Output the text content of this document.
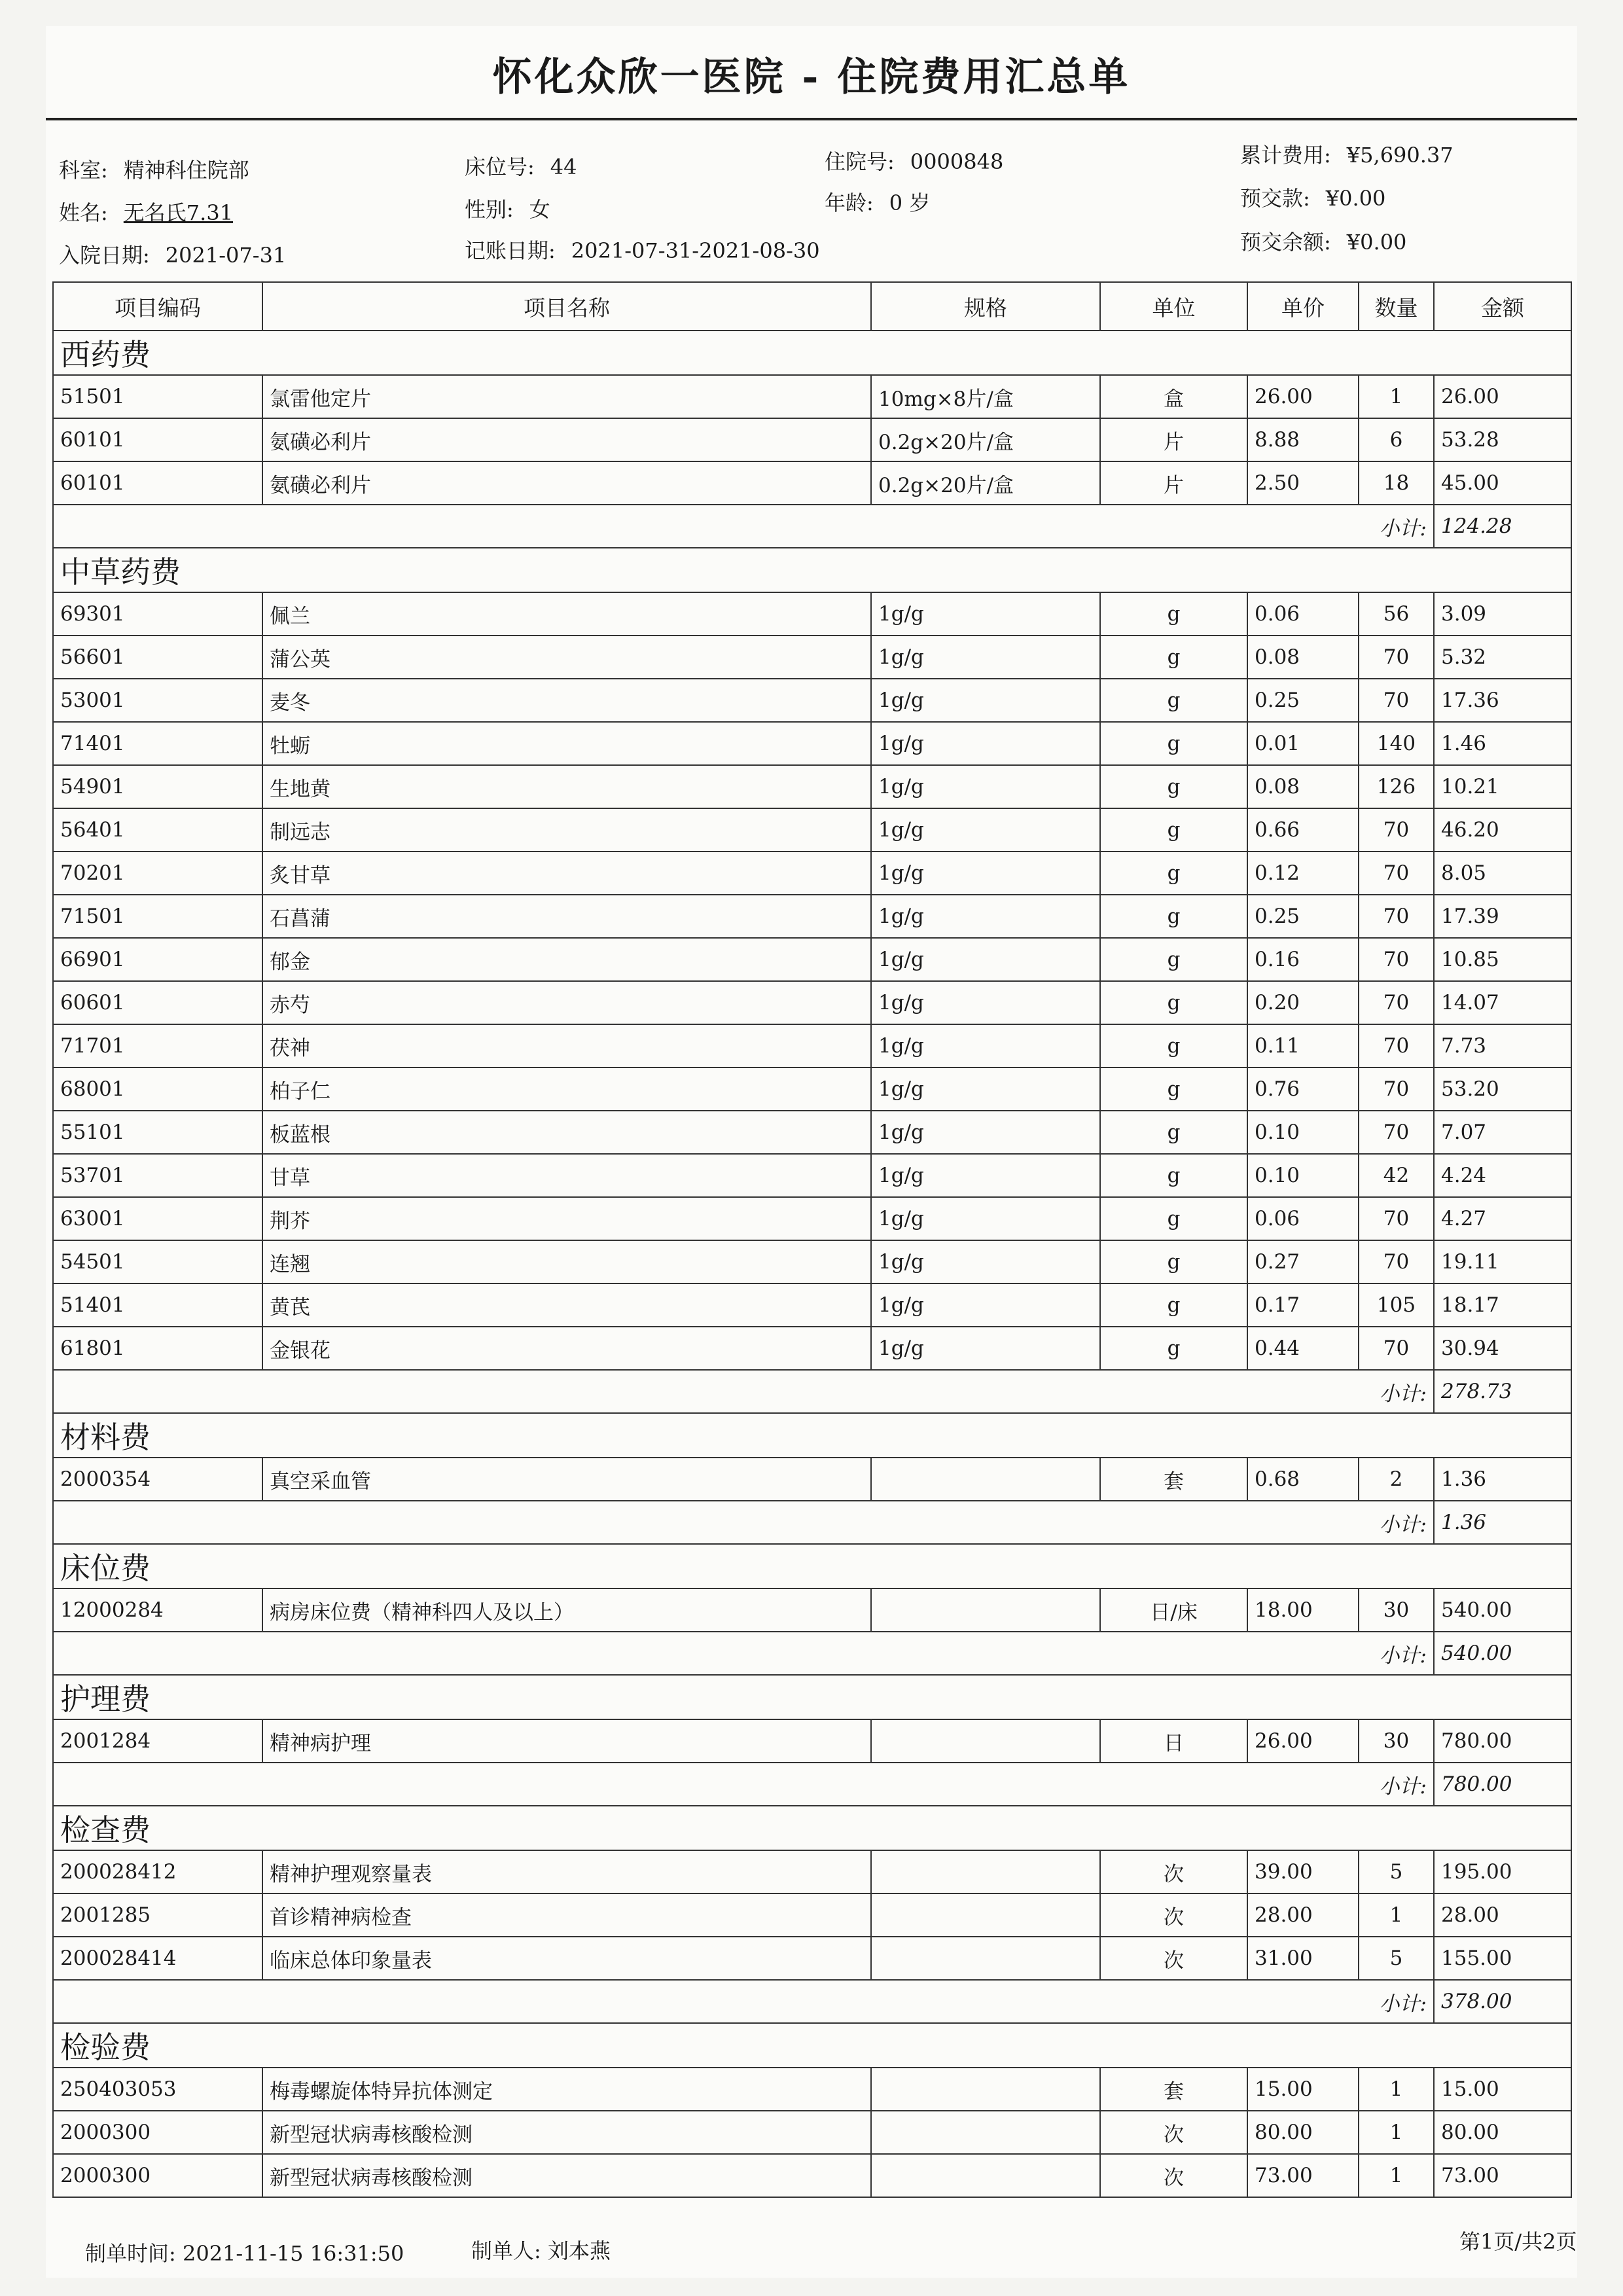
怀化众欣一医院 - 住院费用汇总单
科室: 精神科住院部	床位号: 44	住院号: 0000848	累计费用: ¥5,690.37
姓名: 无名氏7.31	性别: 女	年龄: 0 岁	预交款: ¥0.00
入院日期: 2021-07-31	记账日期: 2021-07-31-2021-08-30	预交余额: ¥0.00
项目编码	项目名称	规格	单位	单价	数量	金额
西药费						
51501	氯雷他定片	10mg×8片/盒	盒	26.00	1	26.00
60101	氨磺必利片	0.2g×20片/盒	片	8.88	6	53.28
60101	氨磺必利片	0.2g×20片/盒	片	2.50	18	45.00
					小计:	124.28
中草药费						
69301	佩兰	1g/g	g	0.06	56	3.09
56601	蒲公英	1g/g	g	0.08	70	5.32
53001	麦冬	1g/g	g	0.25	70	17.36
71401	牡蛎	1g/g	g	0.01	140	1.46
54901	生地黄	1g/g	g	0.08	126	10.21
56401	制远志	1g/g	g	0.66	70	46.20
70201	炙甘草	1g/g	g	0.12	70	8.05
71501	石菖蒲	1g/g	g	0.25	70	17.39
66901	郁金	1g/g	g	0.16	70	10.85
60601	赤芍	1g/g	g	0.20	70	14.07
71701	茯神	1g/g	g	0.11	70	7.73
68001	柏子仁	1g/g	g	0.76	70	53.20
55101	板蓝根	1g/g	g	0.10	70	7.07
53701	甘草	1g/g	g	0.10	42	4.24
63001	荆芥	1g/g	g	0.06	70	4.27
54501	连翘	1g/g	g	0.27	70	19.11
51401	黄芪	1g/g	g	0.17	105	18.17
61801	金银花	1g/g	g	0.44	70	30.94
					小计:	278.73
材料费						
2000354	真空采血管		套	0.68	2	1.36
					小计:	1.36
床位费						
12000284	病房床位费（精神科四人及以上）		日/床	18.00	30	540.00
					小计:	540.00
护理费						
2001284	精神病护理		日	26.00	30	780.00
					小计:	780.00
检查费						
200028412	精神护理观察量表		次	39.00	5	195.00
2001285	首诊精神病检查		次	28.00	1	28.00
200028414	临床总体印象量表		次	31.00	5	155.00
					小计:	378.00
检验费						
250403053	梅毒螺旋体特异抗体测定		套	15.00	1	15.00
2000300	新型冠状病毒核酸检测		次	80.00	1	80.00
2000300	新型冠状病毒核酸检测		次	73.00	1	73.00
制单时间: 2021-11-15 16:31:50	制单人: 刘本燕	第1页/共2页
